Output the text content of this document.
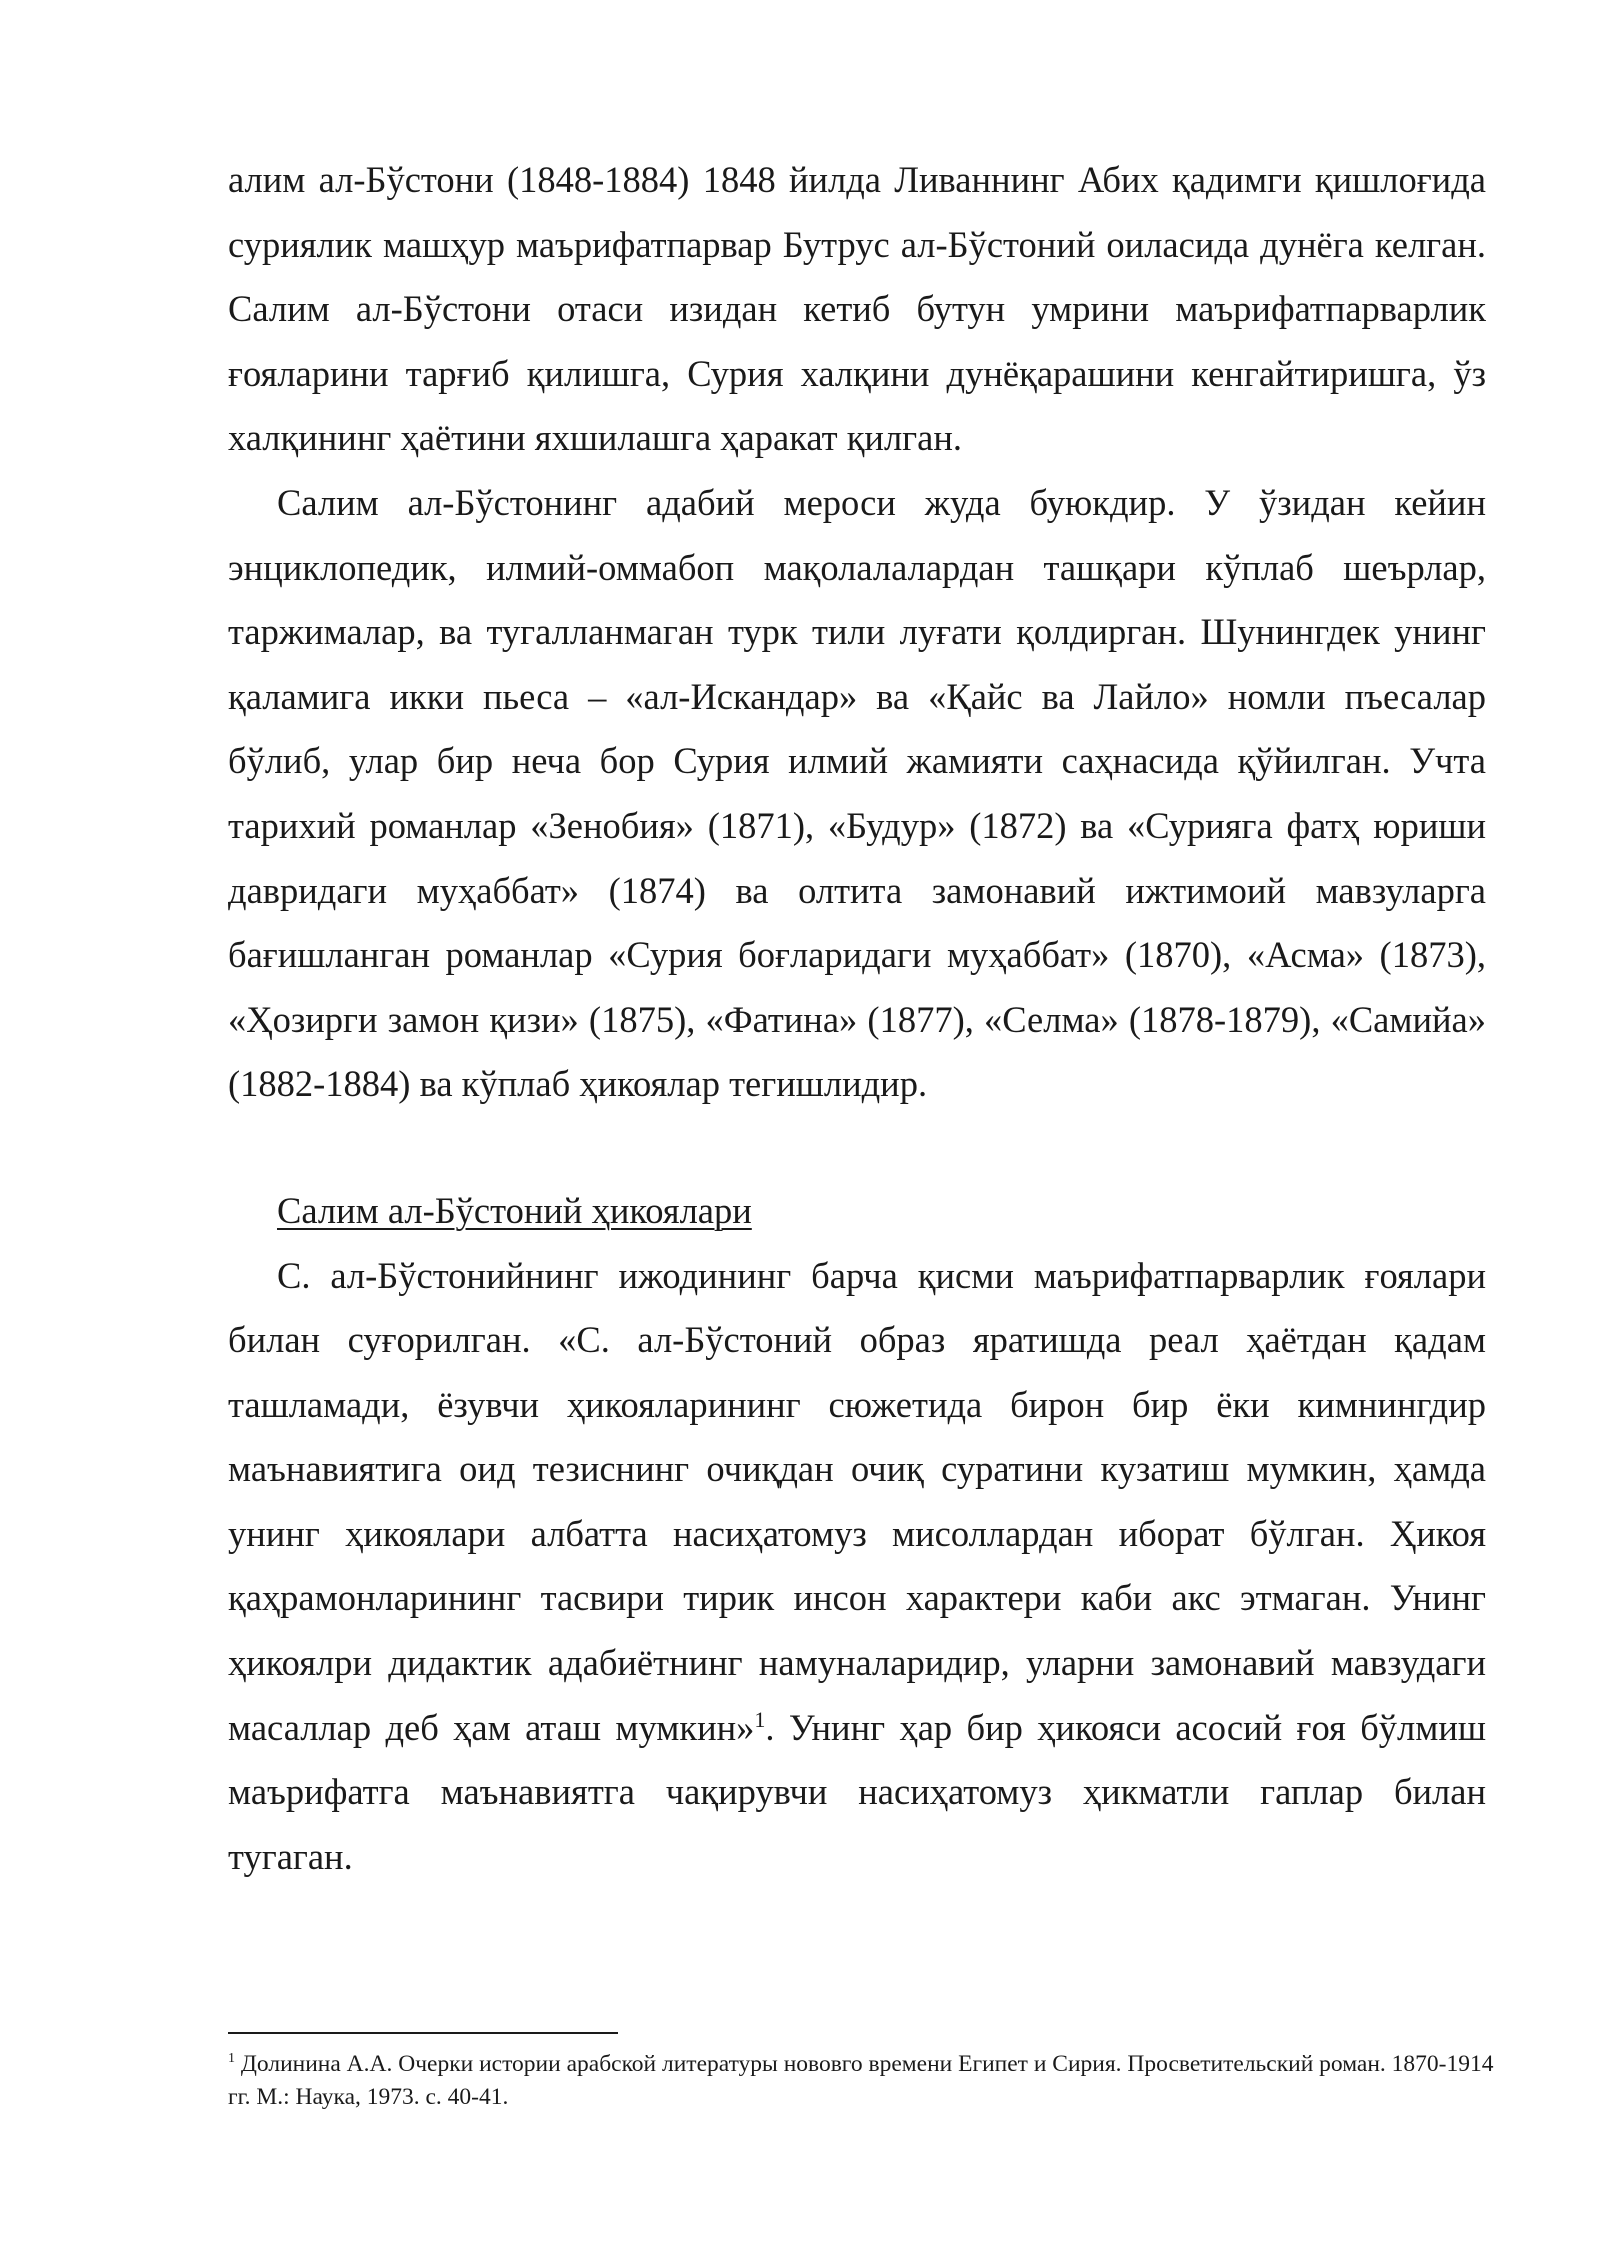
алим ал-Бўстони (1848-1884) 1848 йилда Ливаннинг Абих қадимги қишлоғида суриялик машҳур маърифатпарвар Бутрус ал-Бўстоний оиласида дунёга келган. Салим ал-Бўстони отаси изидан кетиб бутун умрини маърифатпарварлик ғояларини тарғиб қилишга, Сурия халқини дунёқарашини кенгайтиришга, ўз халқининг ҳаётини яхшилашга ҳаракат қилган.

Салим ал-Бўстонинг адабий мероси жуда буюкдир. У ўзидан кейин энциклопедик, илмий-оммабоп мақолалалардан ташқари кўплаб шеърлар, таржималар, ва тугалланмаган турк тили луғати қолдирган. Шунингдек унинг қаламига икки пьеса – «ал-Искандар» ва «Қайс ва Лайло» номли пъесалар бўлиб, улар бир неча бор Сурия илмий жамияти саҳнасида қўйилган. Учта тарихий романлар «Зенобия» (1871), «Будур» (1872) ва «Сурияга фатҳ юриши давридаги муҳаббат» (1874) ва олтита замонавий ижтимоий мавзуларга бағишланган романлар «Сурия боғларидаги муҳаббат» (1870), «Асма» (1873), «Ҳозирги замон қизи» (1875), «Фатина» (1877), «Селма» (1878-1879), «Самийа» (1882-1884) ва кўплаб ҳикоялар тегишлидир.

Салим ал-Бўстоний ҳикоялари

С. ал-Бўстонийнинг ижодининг барча қисми маърифатпарварлик ғоялари билан суғорилган. «С. ал-Бўстоний образ яратишда реал ҳаётдан қадам ташламади, ёзувчи ҳикояларининг сюжетида бирон бир ёки кимнингдир маънавиятига оид тезиснинг очиқдан очиқ суратини кузатиш мумкин, ҳамда унинг ҳикоялари албатта насиҳатомуз мисоллардан иборат бўлган. Ҳикоя қаҳрамонларининг тасвири тирик инсон характери каби акс этмаган. Унинг ҳикоялри дидактик адабиётнинг намуналаридир, уларни замонавий мавзудаги масаллар деб ҳам аташ мумкин»$^1$. Унинг ҳар бир ҳикояси асосий ғоя бўлмиш маърифатга маънавиятга чақирувчи насиҳатомуз ҳикматли гаплар билан тугаган.

$^1$ Долинина А.А. Очерки истории арабской литературы нововго времени Египет и Сирия. Просветительский роман. 1870-1914 гг. М.: Наука, 1973. с. 40-41.
